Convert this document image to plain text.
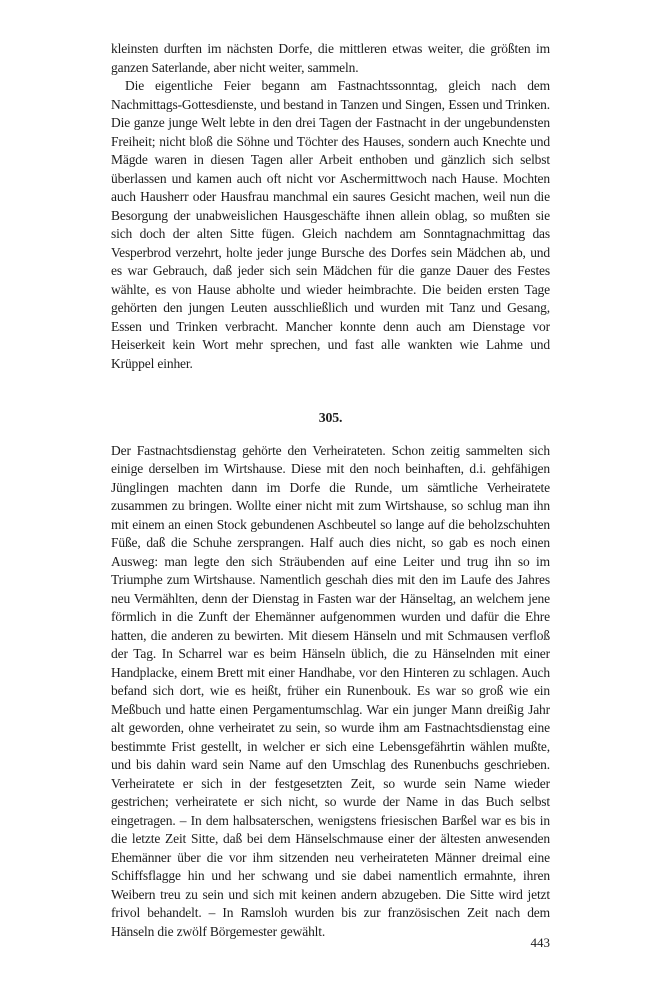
kleinsten durften im nächsten Dorfe, die mittleren etwas weiter, die größten im ganzen Saterlande, aber nicht weiter, sammeln.

Die eigentliche Feier begann am Fastnachtssonntag, gleich nach dem Nachmittags-Gottesdienste, und bestand in Tanzen und Singen, Essen und Trinken. Die ganze junge Welt lebte in den drei Tagen der Fastnacht in der ungebundensten Freiheit; nicht bloß die Söhne und Töchter des Hauses, sondern auch Knechte und Mägde waren in diesen Tagen aller Arbeit enthoben und gänzlich sich selbst überlassen und kamen auch oft nicht vor Aschermittwoch nach Hause. Mochten auch Hausherr oder Hausfrau manchmal ein saures Gesicht machen, weil nun die Besorgung der unabweislichen Hausgeschäfte ihnen allein oblag, so mußten sie sich doch der alten Sitte fügen. Gleich nachdem am Sonntagnachmittag das Vesperbrod verzehrt, holte jeder junge Bursche des Dorfes sein Mädchen ab, und es war Gebrauch, daß jeder sich sein Mädchen für die ganze Dauer des Festes wählte, es von Hause abholte und wieder heimbrachte. Die beiden ersten Tage gehörten den jungen Leuten ausschließlich und wurden mit Tanz und Gesang, Essen und Trinken verbracht. Mancher konnte denn auch am Dienstage vor Heiserkeit kein Wort mehr sprechen, und fast alle wankten wie Lahme und Krüppel einher.

305.

Der Fastnachtsdienstag gehörte den Verheirateten. Schon zeitig sammelten sich einige derselben im Wirtshause. Diese mit den noch beinhaften, d.i. gehfähigen Jünglingen machten dann im Dorfe die Runde, um sämtliche Verheiratete zusammen zu bringen. Wollte einer nicht mit zum Wirtshause, so schlug man ihn mit einem an einen Stock gebundenen Aschbeutel so lange auf die beholzschuhten Füße, daß die Schuhe zersprangen. Half auch dies nicht, so gab es noch einen Ausweg: man legte den sich Sträubenden auf eine Leiter und trug ihn so im Triumphe zum Wirtshause. Namentlich geschah dies mit den im Laufe des Jahres neu Vermählten, denn der Dienstag in Fasten war der Hänseltag, an welchem jene förmlich in die Zunft der Ehemänner aufgenommen wurden und dafür die Ehre hatten, die anderen zu bewirten. Mit diesem Hänseln und mit Schmausen verfloß der Tag. In Scharrel war es beim Hänseln üblich, die zu Hänselnden mit einer Handplacke, einem Brett mit einer Handhabe, vor den Hinteren zu schlagen. Auch befand sich dort, wie es heißt, früher ein Runenbouk. Es war so groß wie ein Meßbuch und hatte einen Pergamentumschlag. War ein junger Mann dreißig Jahr alt geworden, ohne verheiratet zu sein, so wurde ihm am Fastnachtsdienstag eine bestimmte Frist gestellt, in welcher er sich eine Lebensgefährtin wählen mußte, und bis dahin ward sein Name auf den Umschlag des Runenbuchs geschrieben. Verheiratete er sich in der festgesetzten Zeit, so wurde sein Name wieder gestrichen; verheiratete er sich nicht, so wurde der Name in das Buch selbst eingetragen. – In dem halbsaterschen, wenigstens friesischen Barßel war es bis in die letzte Zeit Sitte, daß bei dem Hänselschmause einer der ältesten anwesenden Ehemänner über die vor ihm sitzenden neu verheirateten Männer dreimal eine Schiffsflagge hin und her schwang und sie dabei namentlich ermahnte, ihren Weibern treu zu sein und sich mit keinen andern abzugeben. Die Sitte wird jetzt frivol behandelt. – In Ramsloh wurden bis zur französischen Zeit nach dem Hänseln die zwölf Börgemester gewählt.

443
